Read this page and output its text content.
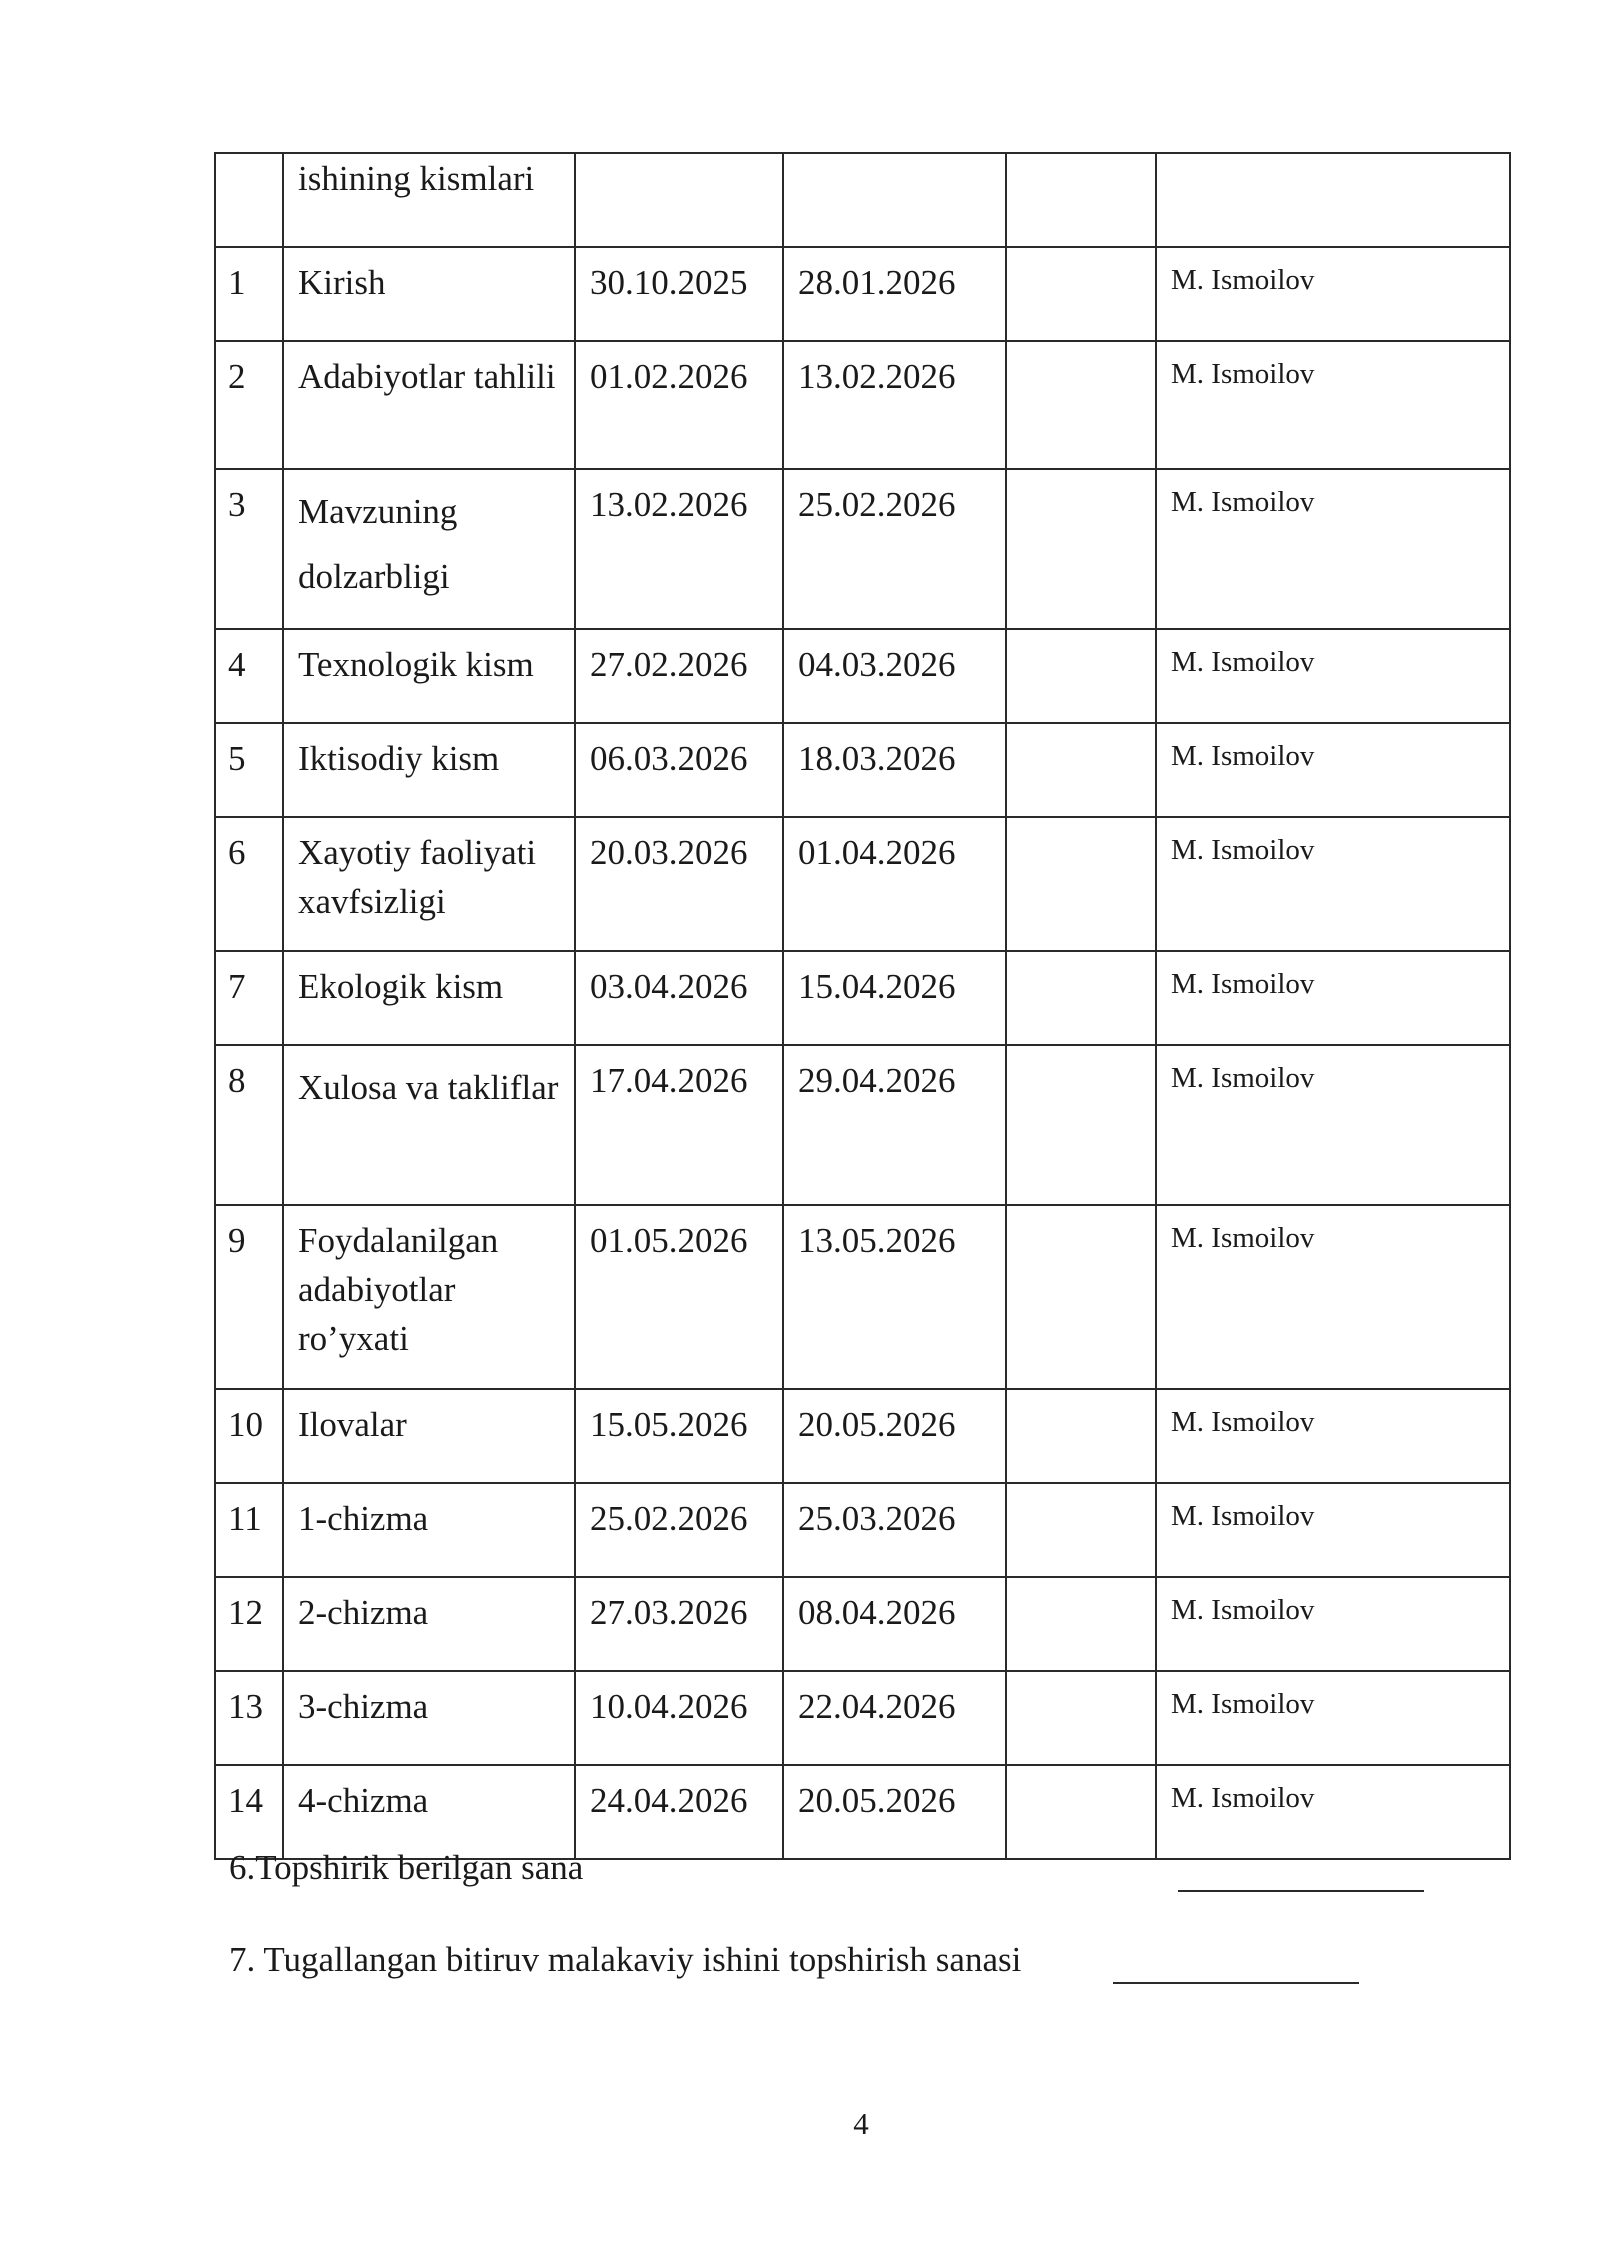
	ishining kismlari				

1	Kirish	30.10.2025	28.01.2026		M. Ismoilov

2	Adabiyotlar tahlili	01.02.2026	13.02.2026		M. Ismoilov

3	Mavzuning dolzarbligi	13.02.2026	25.02.2026		M. Ismoilov

4	Texnologik kism	27.02.2026	04.03.2026		M. Ismoilov

5	Iktisodiy kism	06.03.2026	18.03.2026		M. Ismoilov

6	Xayotiy faoliyati xavfsizligi	20.03.2026	01.04.2026		M. Ismoilov

7	Ekologik kism	03.04.2026	15.04.2026		M. Ismoilov

8	Xulosa va takliflar	17.04.2026	29.04.2026		M. Ismoilov

9	Foydalanilgan adabiyotlar ro’yxati	01.05.2026	13.05.2026		M. Ismoilov

10	Ilovalar	15.05.2026	20.05.2026		M. Ismoilov

11	1-chizma	25.02.2026	25.03.2026		M. Ismoilov

12	2-chizma	27.03.2026	08.04.2026		M. Ismoilov

13	3-chizma	10.04.2026	22.04.2026		M. Ismoilov

14	4-chizma	24.04.2026	20.05.2026		M. Ismoilov
6.Topshirik berilgan sana
7. Tugallangan bitiruv malakaviy ishini topshirish sanasi
4
